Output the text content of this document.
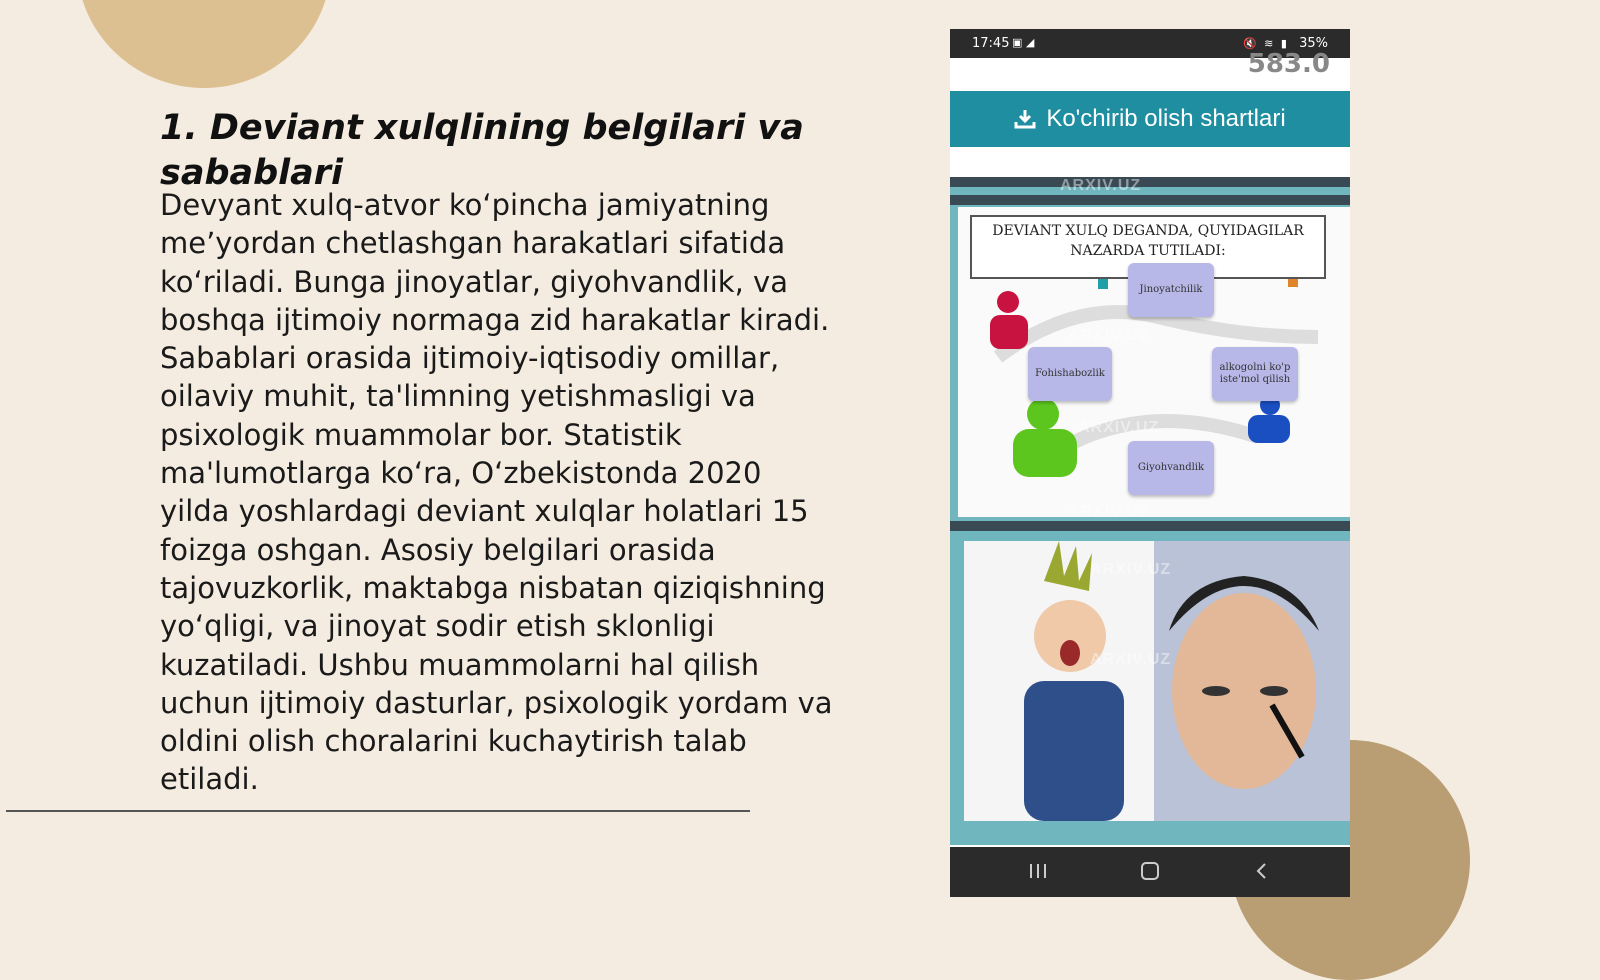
1. Deviant xulqlining belgilari va sabablari

Devyant xulq-atvor ko‘pincha jamiyatning me’yordan chetlashgan harakatlari sifatida ko‘riladi. Bunga jinoyatlar, giyohvandlik, va boshqa ijtimoiy normaga zid harakatlar kiradi. Sabablari orasida ijtimoiy-iqtisodiy omillar, oilaviy muhit, ta'limning yetishmasligi va psixologik muammolar bor. Statistik ma'lumotlarga ko‘ra, O‘zbekistonda 2020 yilda yoshlardagi deviant xulqlar holatlari 15 foizga oshgan. Asosiy belgilari orasida tajovuzkorlik, maktabga nisbatan qiziqishning yo‘qligi, va jinoyat sodir etish sklonligi kuzatiladi. Ushbu muammolarni hal qilish uchun ijtimoiy dasturlar, psixologik yordam va oldini olish choralarini kuchaytirish talab etiladi.

17:45 ▣ ◢	🔇 ≋ ▮ 35%
583.0
Ko'chirib olish shartlari
ARXIV.UZ
ARXIV.UZ
ARXIV.UZ
ARXIV.UZ
DEVIANT XULQ DEGANDA, QUYIDAGILAR NAZARDA TUTILADI:
Jinoyatchilik
Fohishabozlik
alkogolni ko'p iste'mol qilish
Giyohvandlik
ARXIV.UZ
ARXIV.UZ
